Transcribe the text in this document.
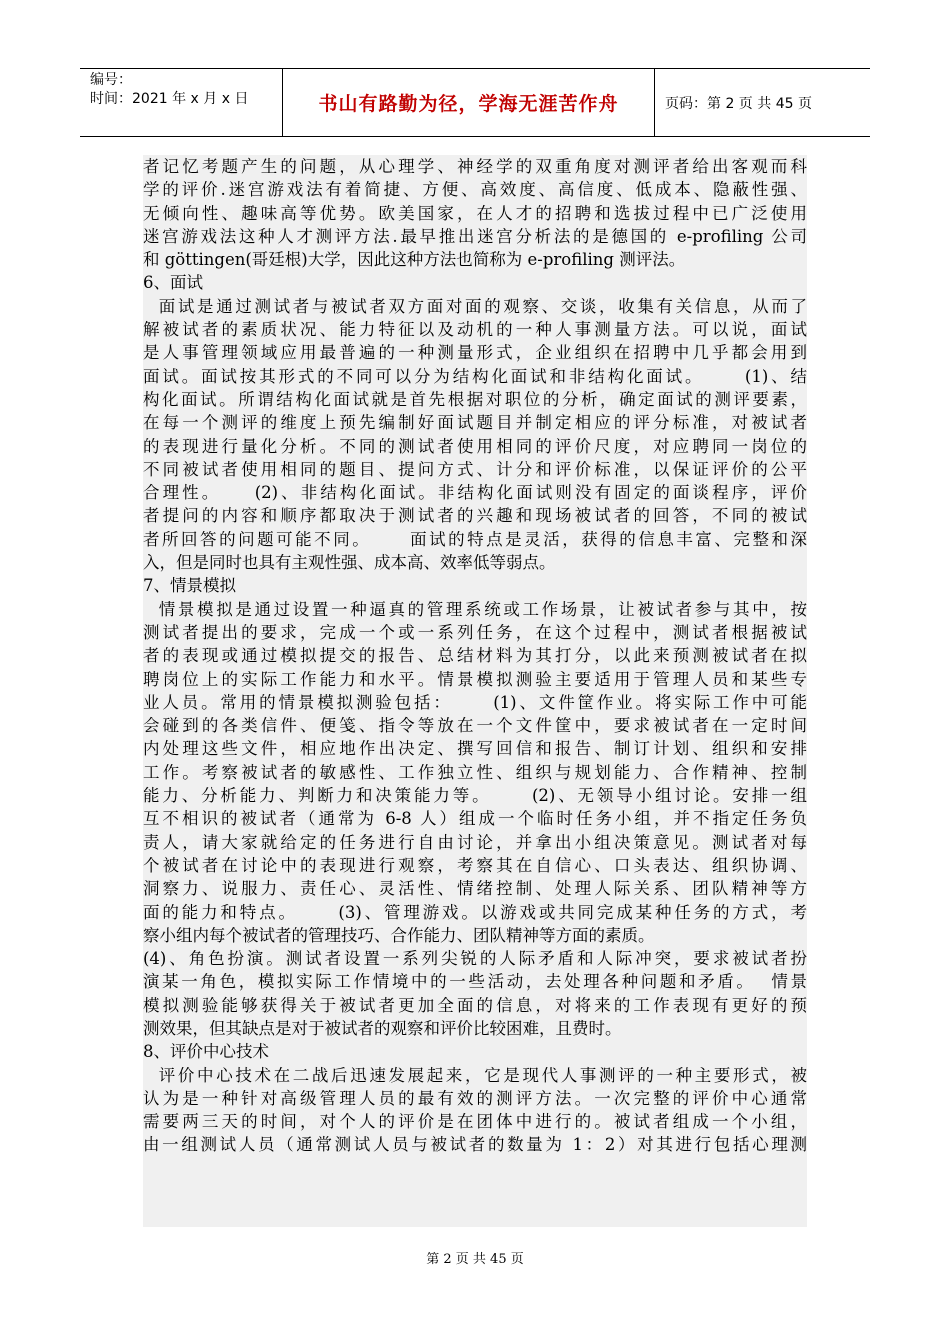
编号：
时间：2021 年 x 月 x 日	书山有路勤为径，学海无涯苦作舟	页码：第 2 页 共 45 页
者记忆考题产生的问题，从心理学、神经学的双重角度对测评者给出客观而科
学的评价.迷宫游戏法有着简捷、方便、高效度、高信度、低成本、隐蔽性强、
无倾向性、趣味高等优势。欧美国家，在人才的招聘和选拔过程中已广泛使用
迷宫游戏法这种人才测评方法.最早推出迷宫分析法的是德国的 e-profiling 公司
和 göttingen(哥廷根)大学，因此这种方法也简称为 e-profiling 测评法。
6、面试
面试是通过测试者与被试者双方面对面的观察、交谈，收集有关信息，从而了
解被试者的素质状况、能力特征以及动机的一种人事测量方法。可以说，面试
是人事管理领域应用最普遍的一种测量形式，企业组织在招聘中几乎都会用到
面试。面试按其形式的不同可以分为结构化面试和非结构化面试。     (1)、结
构化面试。所谓结构化面试就是首先根据对职位的分析，确定面试的测评要素，
在每一个测评的维度上预先编制好面试题目并制定相应的评分标准，对被试者
的表现进行量化分析。不同的测试者使用相同的评价尺度，对应聘同一岗位的
不同被试者使用相同的题目、提问方式、计分和评价标准，以保证评价的公平
合理性。    (2)、非结构化面试。非结构化面试则没有固定的面谈程序，评价
者提问的内容和顺序都取决于测试者的兴趣和现场被试者的回答，不同的被试
者所回答的问题可能不同。     面试的特点是灵活，获得的信息丰富、完整和深
入，但是同时也具有主观性强、成本高、效率低等弱点。
7、情景模拟
情景模拟是通过设置一种逼真的管理系统或工作场景，让被试者参与其中，按
测试者提出的要求，完成一个或一系列任务，在这个过程中，测试者根据被试
者的表现或通过模拟提交的报告、总结材料为其打分，以此来预测被试者在拟
聘岗位上的实际工作能力和水平。情景模拟测验主要适用于管理人员和某些专
业人员。常用的情景模拟测验包括：     (1)、文件筐作业。将实际工作中可能
会碰到的各类信件、便笺、指令等放在一个文件筐中，要求被试者在一定时间
内处理这些文件，相应地作出决定、撰写回信和报告、制订计划、组织和安排
工作。考察被试者的敏感性、工作独立性、组织与规划能力、合作精神、控制
能力、分析能力、判断力和决策能力等。     (2)、无领导小组讨论。安排一组
互不相识的被试者（通常为 6-8 人）组成一个临时任务小组，并不指定任务负
责人，请大家就给定的任务进行自由讨论，并拿出小组决策意见。测试者对每
个被试者在讨论中的表现进行观察，考察其在自信心、口头表达、组织协调、
洞察力、说服力、责任心、灵活性、情绪控制、处理人际关系、团队精神等方
面的能力和特点。     (3)、管理游戏。以游戏或共同完成某种任务的方式，考
察小组内每个被试者的管理技巧、合作能力、团队精神等方面的素质。
(4)、角色扮演。测试者设置一系列尖锐的人际矛盾和人际冲突，要求被试者扮
演某一角色，模拟实际工作情境中的一些活动，去处理各种问题和矛盾。  情景
模拟测验能够获得关于被试者更加全面的信息，对将来的工作表现有更好的预
测效果，但其缺点是对于被试者的观察和评价比较困难，且费时。
8、评价中心技术
评价中心技术在二战后迅速发展起来，它是现代人事测评的一种主要形式，被
认为是一种针对高级管理人员的最有效的测评方法。一次完整的评价中心通常
需要两三天的时间，对个人的评价是在团体中进行的。被试者组成一个小组，
由一组测试人员（通常测试人员与被试者的数量为 1：2）对其进行包括心理测
第 2 页 共 45 页
